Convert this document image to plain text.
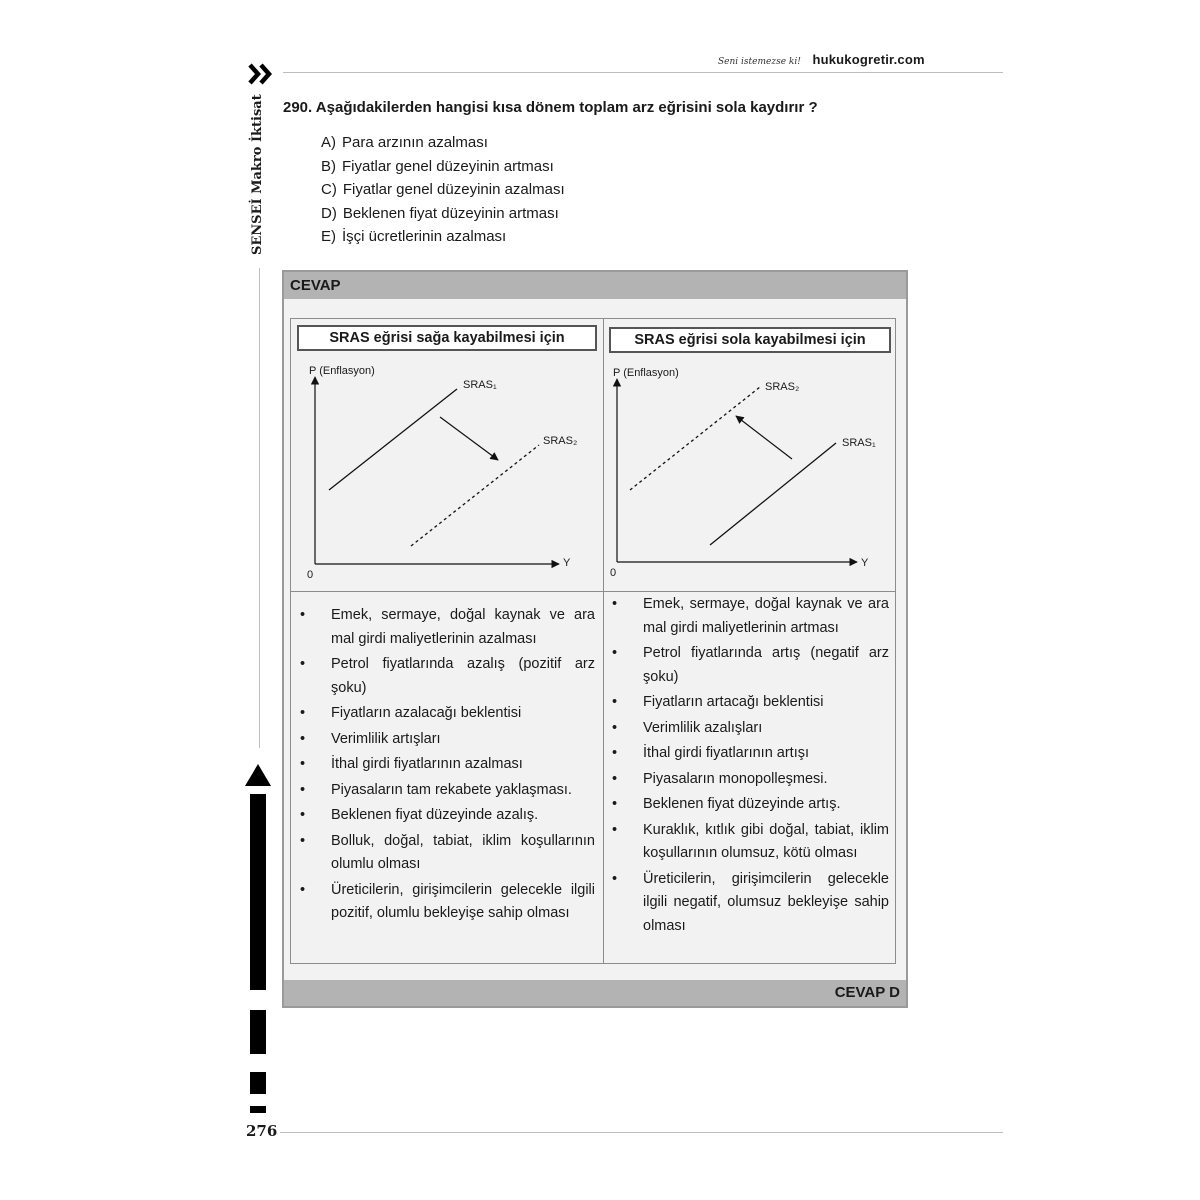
Seni istemezse ki! hukukogretir.com
SENSEİ Makro İktisat 290. Aşağıdakilerden hangisi kısa dönem toplam arz eğrisini sola kaydırır ?
A) Para arzının azalması
B) Fiyatlar genel düzeyinin artması
C) Fiyatlar genel düzeyinin azalması
D) Beklenen fiyat düzeyinin artması
E) İşçi ücretlerinin azalması
CEVAP
SRAS eğrisi sağa kayabilmesi için
P (Enflasyon)
SRAS₁
SRAS₂
0
Y
SRAS eğrisi sola kayabilmesi için
P (Enflasyon)
SRAS₂
SRAS₁
0
Y
• Emek, sermaye, doğal kaynak ve ara mal girdi maliyetlerinin azalması
• Petrol fiyatlarında azalış (pozitif arz şoku)
• Fiyatların azalacağı beklentisi
• Verimlilik artışları
• İthal girdi fiyatlarının azalması
• Piyasaların tam rekabete yaklaşması.
• Beklenen fiyat düzeyinde azalış.
• Bolluk, doğal, tabiat, iklim koşullarının olumlu olması
• Üreticilerin, girişimcilerin gelecekle ilgili pozitif, olumlu bekleyişe sahip olması
• Emek, sermaye, doğal kaynak ve ara mal girdi maliyetlerinin artması
• Petrol fiyatlarında artış (negatif arz şoku)
• Fiyatların artacağı beklentisi
• Verimlilik azalışları
• İthal girdi fiyatlarının artışı
• Piyasaların monopolleşmesi.
• Beklenen fiyat düzeyinde artış.
• Kuraklık, kıtlık gibi doğal, tabiat, iklim koşullarının olumsuz, kötü olması
• Üreticilerin, girişimcilerin gelecekle ilgili negatif, olumsuz bekleyişe sahip olması
CEVAP D
276
